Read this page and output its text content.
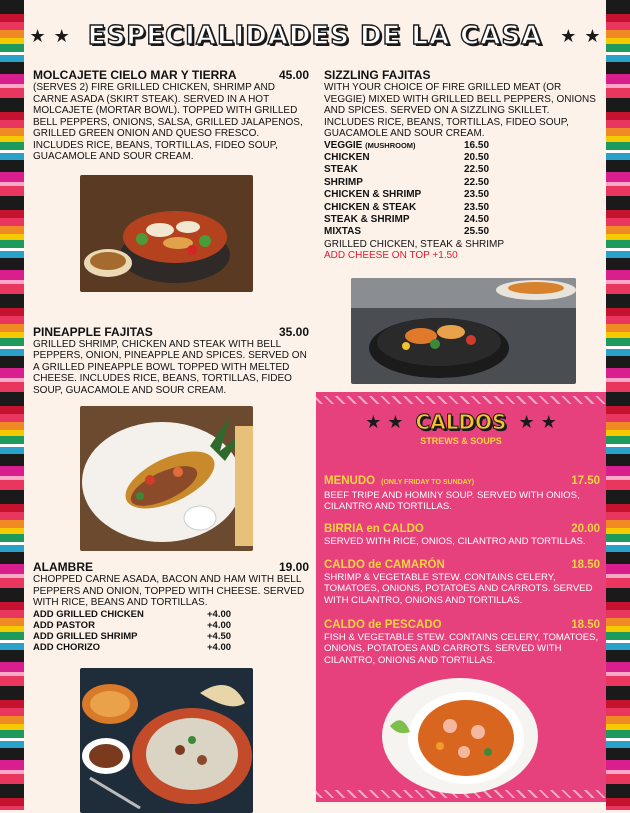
★ ★ ESPECIALIDADES DE LA CASA ★ ★
MOLCAJETE CIELO MAR Y TIERRA	45.00
(SERVES 2) FIRE GRILLED CHICKEN, SHRIMP AND CARNE ASADA (SKIRT STEAK). SERVED IN A HOT MOLCAJETE (MORTAR BOWL). TOPPED WITH GRILLED BELL PEPPERS, ONIONS, SALSA, GRILLED JALAPENOS, GRILLED GREEN ONION AND QUESO FRESCO. INCLUDES RICE, BEANS, TORTILLAS, FIDEO SOUP, GUACAMOLE AND SOUR CREAM.
PINEAPPLE FAJITAS	35.00
GRILLED SHRIMP, CHICKEN AND STEAK WITH BELL PEPPERS, ONION, PINEAPPLE AND SPICES. SERVED ON A GRILLED PINEAPPLE BOWL TOPPED WITH MELTED CHEESE. INCLUDES RICE, BEANS, TORTILLAS, FIDEO SOUP, GUACAMOLE AND SOUR CREAM.
ALAMBRE	19.00
CHOPPED CARNE ASADA, BACON AND HAM WITH BELL PEPPERS AND ONION, TOPPED WITH CHEESE. SERVED WITH RICE, BEANS AND TORTILLAS.
ADD GRILLED CHICKEN	+4.00
ADD PASTOR	+4.00
ADD GRILLED SHRIMP	+4.50
ADD CHORIZO	+4.00
SIZZLING FAJITAS
WITH YOUR CHOICE OF FIRE GRILLED MEAT (OR VEGGIE) MIXED WITH GRILLED BELL PEPPERS, ONIONS AND SPICES. SERVED ON A SIZZLING SKILLET. INCLUDES RICE, BEANS, TORTILLAS, FIDEO SOUP, GUACAMOLE AND SOUR CREAM.
VEGGIE (MUSHROOM)	16.50
CHICKEN	20.50
STEAK	22.50
SHRIMP	22.50
CHICKEN & SHRIMP	23.50
CHICKEN & STEAK	23.50
STEAK & SHRIMP	24.50
MIXTAS	25.50
GRILLED CHICKEN, STEAK & SHRIMP
ADD CHEESE ON TOP +1.50
★ ★ CALDOS ★ ★
STREWS & SOUPS
MENUDO (ONLY FRIDAY TO SUNDAY)	17.50
BEEF TRIPE AND HOMINY SOUP. SERVED WITH ONIOS, CILANTRO AND TORTILLAS.
BIRRIA en CALDO	20.00
SERVED WITH RICE, ONIOS, CILANTRO AND TORTILLAS.
CALDO de CAMARÓN	18.50
SHRIMP & VEGETABLE STEW. CONTAINS CELERY, TOMATOES, ONIONS, POTATOES AND CARROTS. SERVED WITH CILANTRO, ONIONS AND TORTILLAS.
CALDO de PESCADO	18.50
FISH & VEGETABLE STEW. CONTAINS CELERY, TOMATOES, ONIONS, POTATOES AND CARROTS. SERVED WITH CILANTRO, ONIONS AND TORTILLAS.
